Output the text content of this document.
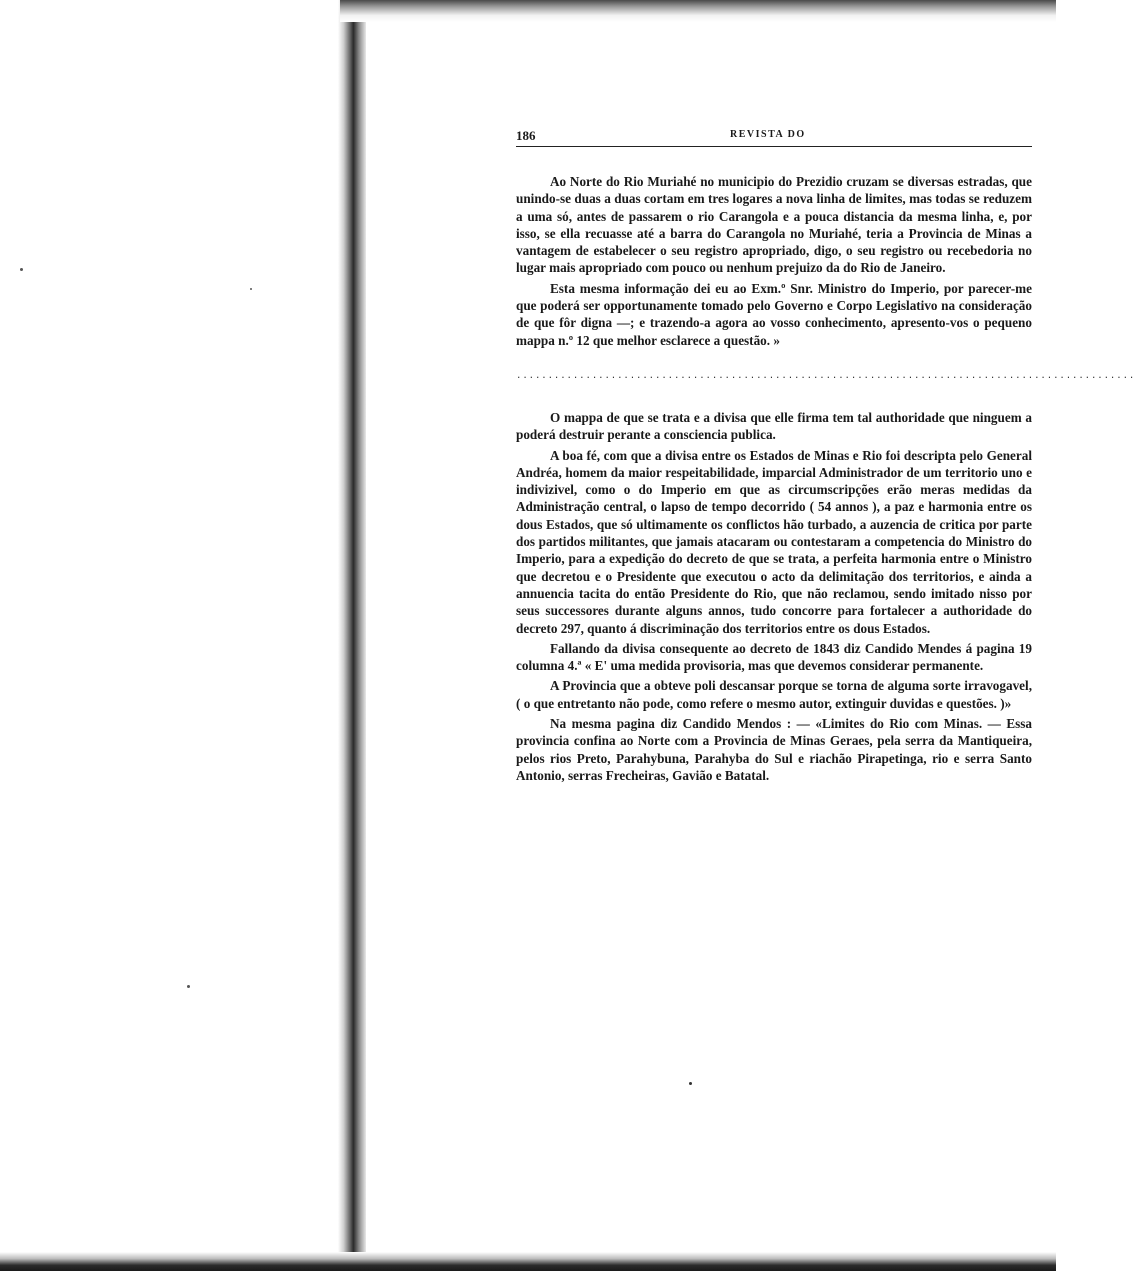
186	REVISTA DO

Ao Norte do Rio Muriahé no municipio do Prezidio cruzam se diversas estradas, que unindo-se duas a duas cortam em tres logares a nova linha de limites, mas todas se reduzem a uma só, antes de passarem o rio Carangola e a pouca distancia da mesma linha, e, por isso, se ella recuasse até a barra do Carangola no Muriahé, teria a Provincia de Minas a vantagem de estabelecer o seu registro apropriado, digo, o seu registro ou recebedoria no lugar mais apropriado com pouco ou nenhum prejuizo da do Rio de Janeiro.

Esta mesma informação dei eu ao Exm.º Snr. Ministro do Imperio, por parecer-me que poderá ser opportunamente tomado pelo Governo e Corpo Legislativo na consideração de que fôr digna —; e trazendo-a agora ao vosso conhecimento, apresento-vos o pequeno mappa n.º 12 que melhor esclarece a questão. »

..................................................................................................

O mappa de que se trata e a divisa que elle firma tem tal authoridade que ninguem a poderá destruir perante a consciencia publica.

A boa fé, com que a divisa entre os Estados de Minas e Rio foi descripta pelo General Andréa, homem da maior respeitabilidade, imparcial Administrador de um territorio uno e indivizivel, como o do Imperio em que as circumscripções erão meras medidas da Administração central, o lapso de tempo decorrido ( 54 annos ), a paz e harmonia entre os dous Estados, que só ultimamente os conflictos hão turbado, a auzencia de critica por parte dos partidos militantes, que jamais atacaram ou contestaram a competencia do Ministro do Imperio, para a expedição do decreto de que se trata, a perfeita harmonia entre o Ministro que decretou e o Presidente que executou o acto da delimitação dos territorios, e ainda a annuencia tacita do então Presidente do Rio, que não reclamou, sendo imitado nisso por seus successores durante alguns annos, tudo concorre para fortalecer a authoridade do decreto 297, quanto á discriminação dos territorios entre os dous Estados.

Fallando da divisa consequente ao decreto de 1843 diz Candido Mendes á pagina 19 columna 4.ª « E' uma medida provisoria, mas que devemos considerar permanente.

A Provincia que a obteve poli descansar porque se torna de alguma sorte irravogavel, ( o que entretanto não pode, como refere o mesmo autor, extinguir duvidas e questões. )»

Na mesma pagina diz Candido Mendos : — «Limites do Rio com Minas. — Essa provincia confina ao Norte com a Provincia de Minas Geraes, pela serra da Mantiqueira, pelos rios Preto, Parahybuna, Parahyba do Sul e riachão Pirapetinga, rio e serra Santo Antonio, serras Frecheiras, Gavião e Batatal.
